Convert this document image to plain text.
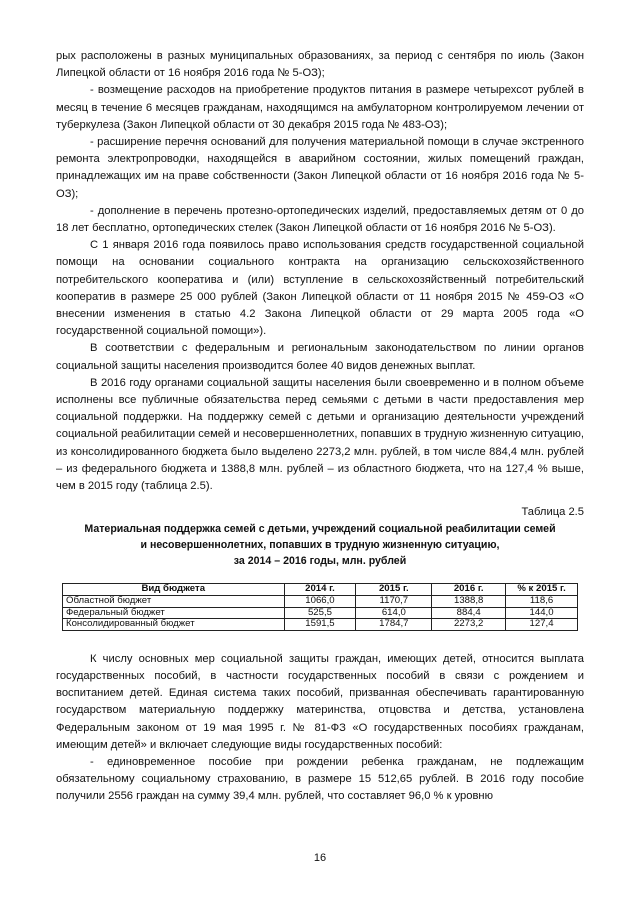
рых расположены в разных муниципальных образованиях, за период с сентября по июль (Закон Липецкой области от 16 ноября 2016 года № 5-ОЗ);

- возмещение расходов на приобретение продуктов питания в размере четырехсот рублей в месяц в течение 6 месяцев гражданам, находящимся на амбулаторном контролируемом лечении от туберкулеза (Закон Липецкой области от 30 декабря 2015 года № 483-ОЗ);

- расширение перечня оснований для получения материальной помощи в случае экстренного ремонта электропроводки, находящейся в аварийном состоянии, жилых помещений граждан, принадлежащих им на праве собственности (Закон Липецкой области от 16 ноября 2016 года № 5-ОЗ);

- дополнение в перечень протезно-ортопедических изделий, предоставляемых детям от 0 до 18 лет бесплатно, ортопедических стелек (Закон Липецкой области от 16 ноября 2016 № 5-ОЗ).

С 1 января 2016 года появилось право использования средств государственной социальной помощи на основании социального контракта на организацию сельскохозяйственного потребительского кооператива и (или) вступление в сельскохозяйственный потребительский кооператив в размере 25 000 рублей (Закон Липецкой области от 11 ноября 2015 № 459-ОЗ «О внесении изменения в статью 4.2 Закона Липецкой области от 29 марта 2005 года «О государственной социальной помощи»).

В соответствии с федеральным и региональным законодательством по линии органов социальной защиты населения производится более 40 видов денежных выплат.

В 2016 году органами социальной защиты населения были своевременно и в полном объеме исполнены все публичные обязательства перед семьями с детьми в части предоставления мер социальной поддержки. На поддержку семей с детьми и организацию деятельности учреждений социальной реабилитации семей и несовершеннолетних, попавших в трудную жизненную ситуацию, из консолидированного бюджета было выделено 2273,2 млн. рублей, в том числе 884,4 млн. рублей – из федерального бюджета и 1388,8 млн. рублей – из областного бюджета, что на 127,4 % выше, чем в 2015 году (таблица 2.5).

Таблица 2.5
Материальная поддержка семей с детьми, учреждений социальной реабилитации семей
и несовершеннолетних, попавших в трудную жизненную ситуацию,
за 2014 – 2016 годы, млн. рублей
Вид бюджета	2014 г.	2015 г.	2016 г.	% к 2015 г.
Областной бюджет	1066,0	1170,7	1388,8	118,6
Федеральный бюджет	525,5	614,0	884,4	144,0
Консолидированный бюджет	1591,5	1784,7	2273,2	127,4

К числу основных мер социальной защиты граждан, имеющих детей, относится выплата государственных пособий, в частности государственных пособий в связи с рождением и воспитанием детей. Единая система таких пособий, призванная обеспечивать гарантированную государством материальную поддержку материнства, отцовства и детства, установлена Федеральным законом от 19 мая 1995 г. № 81-ФЗ «О государственных пособиях гражданам, имеющим детей» и включает следующие виды государственных пособий:

- единовременное пособие при рождении ребенка гражданам, не подлежащим обязательному социальному страхованию, в размере 15 512,65 рублей. В 2016 году пособие получили 2556 граждан на сумму 39,4 млн. рублей, что составляет 96,0 % к уровню

16
